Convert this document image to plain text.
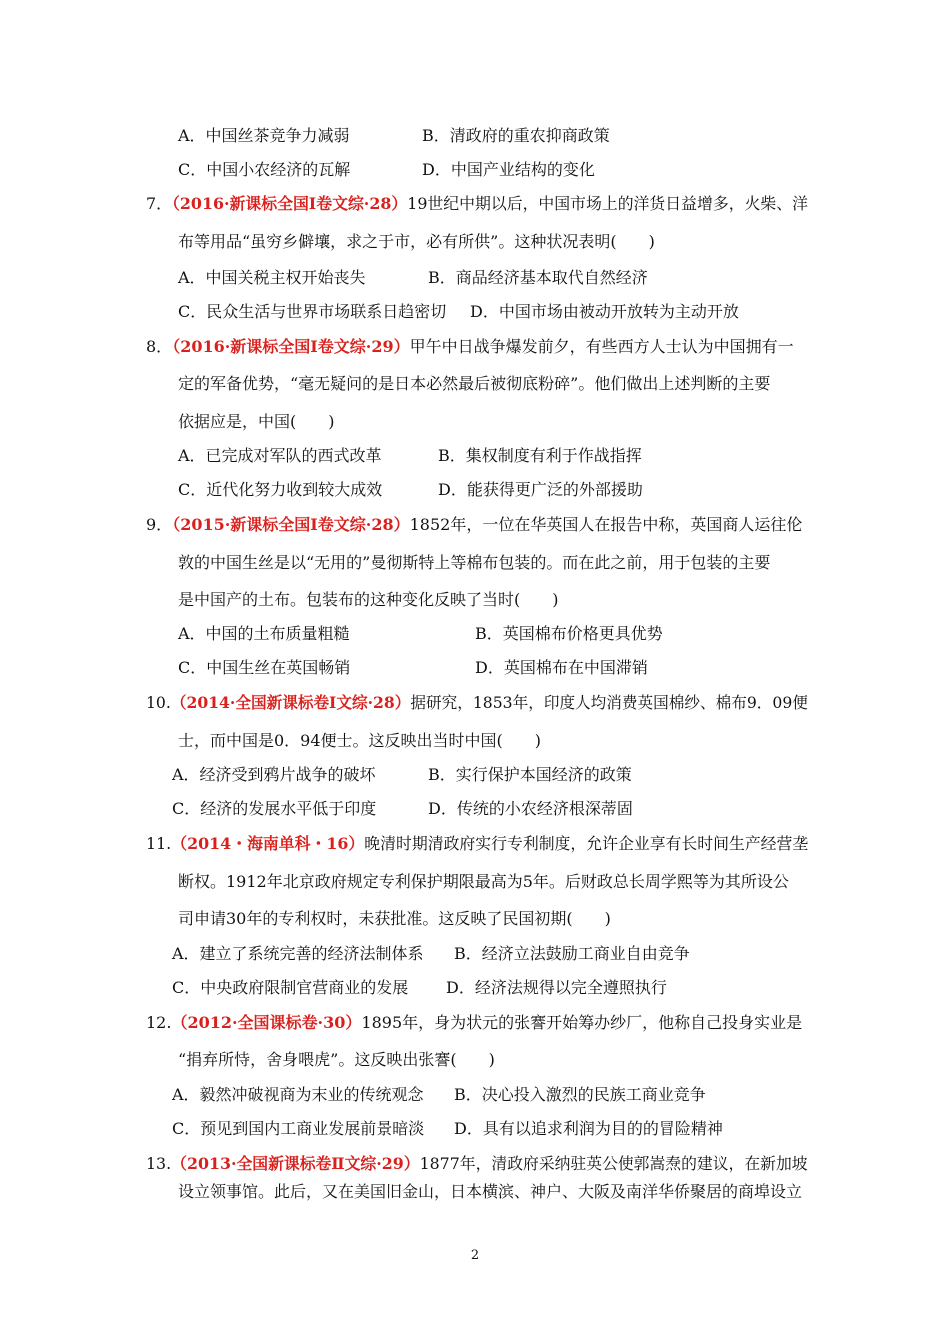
A．中国丝茶竞争力减弱	B．清政府的重农抑商政策
C．中国小农经济的瓦解	D．中国产业结构的变化
7．（2016·新课标全国Ⅰ卷文综·28）19世纪中期以后，中国市场上的洋货日益增多，火柴、洋
布等用品“虽穷乡僻壤，求之于市，必有所供”。这种状况表明(　　)
A．中国关税主权开始丧失	B．商品经济基本取代自然经济
C．民众生活与世界市场联系日趋密切 D．中国市场由被动开放转为主动开放
8．（2016·新课标全国Ⅰ卷文综·29）甲午中日战争爆发前夕，有些西方人士认为中国拥有一
定的军备优势，“毫无疑问的是日本必然最后被彻底粉碎”。他们做出上述判断的主要
依据应是，中国(　　)
A．已完成对军队的西式改革	B．集权制度有利于作战指挥
C．近代化努力收到较大成效	D．能获得更广泛的外部援助
9．（2015·新课标全国Ⅰ卷文综·28）1852年，一位在华英国人在报告中称，英国商人运往伦
敦的中国生丝是以“无用的”曼彻斯特上等棉布包装的。而在此之前，用于包装的主要
是中国产的土布。包装布的这种变化反映了当时(　　)
A．中国的土布质量粗糙	B．英国棉布价格更具优势
C．中国生丝在英国畅销	D．英国棉布在中国滞销
10.（2014·全国新课标卷Ⅰ文综·28）据研究，1853年，印度人均消费英国棉纱、棉布9．09便
士，而中国是0．94便士。这反映出当时中国(　　)
A．经济受到鸦片战争的破坏	B．实行保护本国经济的政策
C．经济的发展水平低于印度	D．传统的小农经济根深蒂固
11.（2014・海南单科・16）晚清时期清政府实行专利制度，允许企业享有长时间生产经营垄
断权。1912年北京政府规定专利保护期限最高为5年。后财政总长周学熙等为其所设公
司申请30年的专利权时，未获批准。这反映了民国初期(　　)
A．建立了系统完善的经济法制体系 B．经济立法鼓励工商业自由竞争
C．中央政府限制官营商业的发展 D．经济法规得以完全遵照执行
12.（2012·全国课标卷·30）1895年，身为状元的张謇开始筹办纱厂，他称自己投身实业是
“捐弃所恃，舍身喂虎”。这反映出张謇(　　)
A．毅然冲破视商为末业的传统观念 B．决心投入激烈的民族工商业竞争
C．预见到国内工商业发展前景暗淡 D．具有以追求利润为目的的冒险精神
13.（2013·全国新课标卷Ⅱ文综·29）1877年，清政府采纳驻英公使郭嵩焘的建议，在新加坡
设立领事馆。此后，又在美国旧金山，日本横滨、神户、大阪及南洋华侨聚居的商埠设立
2
